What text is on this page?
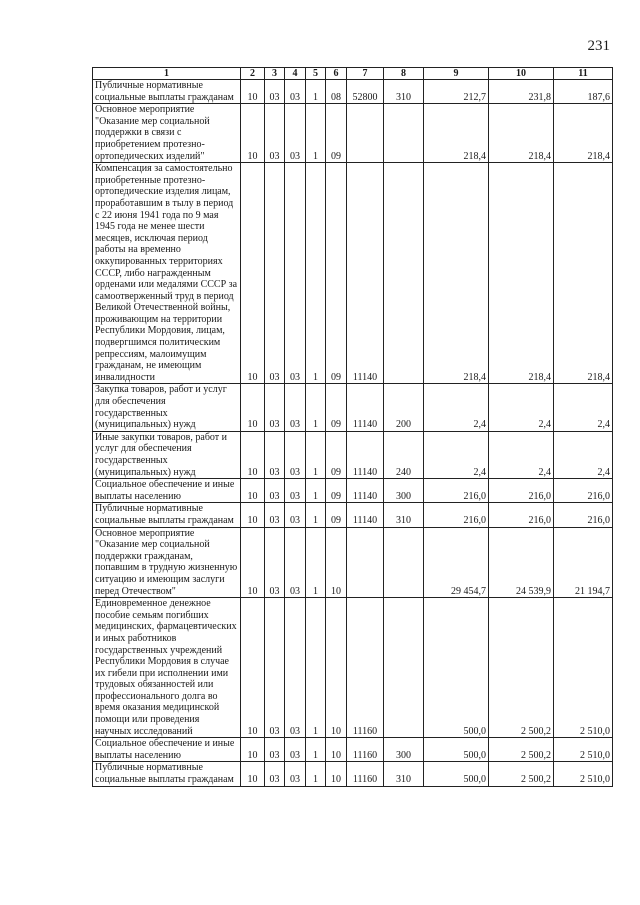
231
1	2	3	4	5	6	7	8	9	10	11
Публичные нормативные социальные выплаты гражданам	10	03	03	1	08	52800	310	212,7	231,8	187,6
Основное мероприятие "Оказание мер социальной поддержки в связи с приобретением протезно-ортопедических изделий"	10	03	03	1	09			218,4	218,4	218,4
Компенсация за самостоятельно приобретенные протезно-ортопедические изделия лицам, проработавшим в тылу в период с 22 июня 1941 года по 9 мая 1945 года не менее шести месяцев, исключая период работы на временно оккупированных территориях СССР, либо награжденным орденами или медалями СССР за самоотверженный труд в период Великой Отечественной войны, проживающим на территории Республики Мордовия, лицам, подвергшимся политическим репрессиям, малоимущим гражданам, не имеющим инвалидности	10	03	03	1	09	11140		218,4	218,4	218,4
Закупка товаров, работ и услуг для обеспечения государственных (муниципальных) нужд	10	03	03	1	09	11140	200	2,4	2,4	2,4
Иные закупки товаров, работ и услуг для обеспечения государственных (муниципальных) нужд	10	03	03	1	09	11140	240	2,4	2,4	2,4
Социальное обеспечение и иные выплаты населению	10	03	03	1	09	11140	300	216,0	216,0	216,0
Публичные нормативные социальные выплаты гражданам	10	03	03	1	09	11140	310	216,0	216,0	216,0
Основное мероприятие "Оказание мер социальной поддержки гражданам, попавшим в трудную жизненную ситуацию и имеющим заслуги перед Отечеством"	10	03	03	1	10			29 454,7	24 539,9	21 194,7
Единовременное денежное пособие семьям погибших медицинских, фармацевтических и иных работников государственных учреждений Республики Мордовия в случае их гибели при исполнении ими трудовых обязанностей или профессионального долга во время оказания медицинской помощи или проведения научных исследований	10	03	03	1	10	11160		500,0	2 500,2	2 510,0
Социальное обеспечение и иные выплаты населению	10	03	03	1	10	11160	300	500,0	2 500,2	2 510,0
Публичные нормативные социальные выплаты гражданам	10	03	03	1	10	11160	310	500,0	2 500,2	2 510,0
